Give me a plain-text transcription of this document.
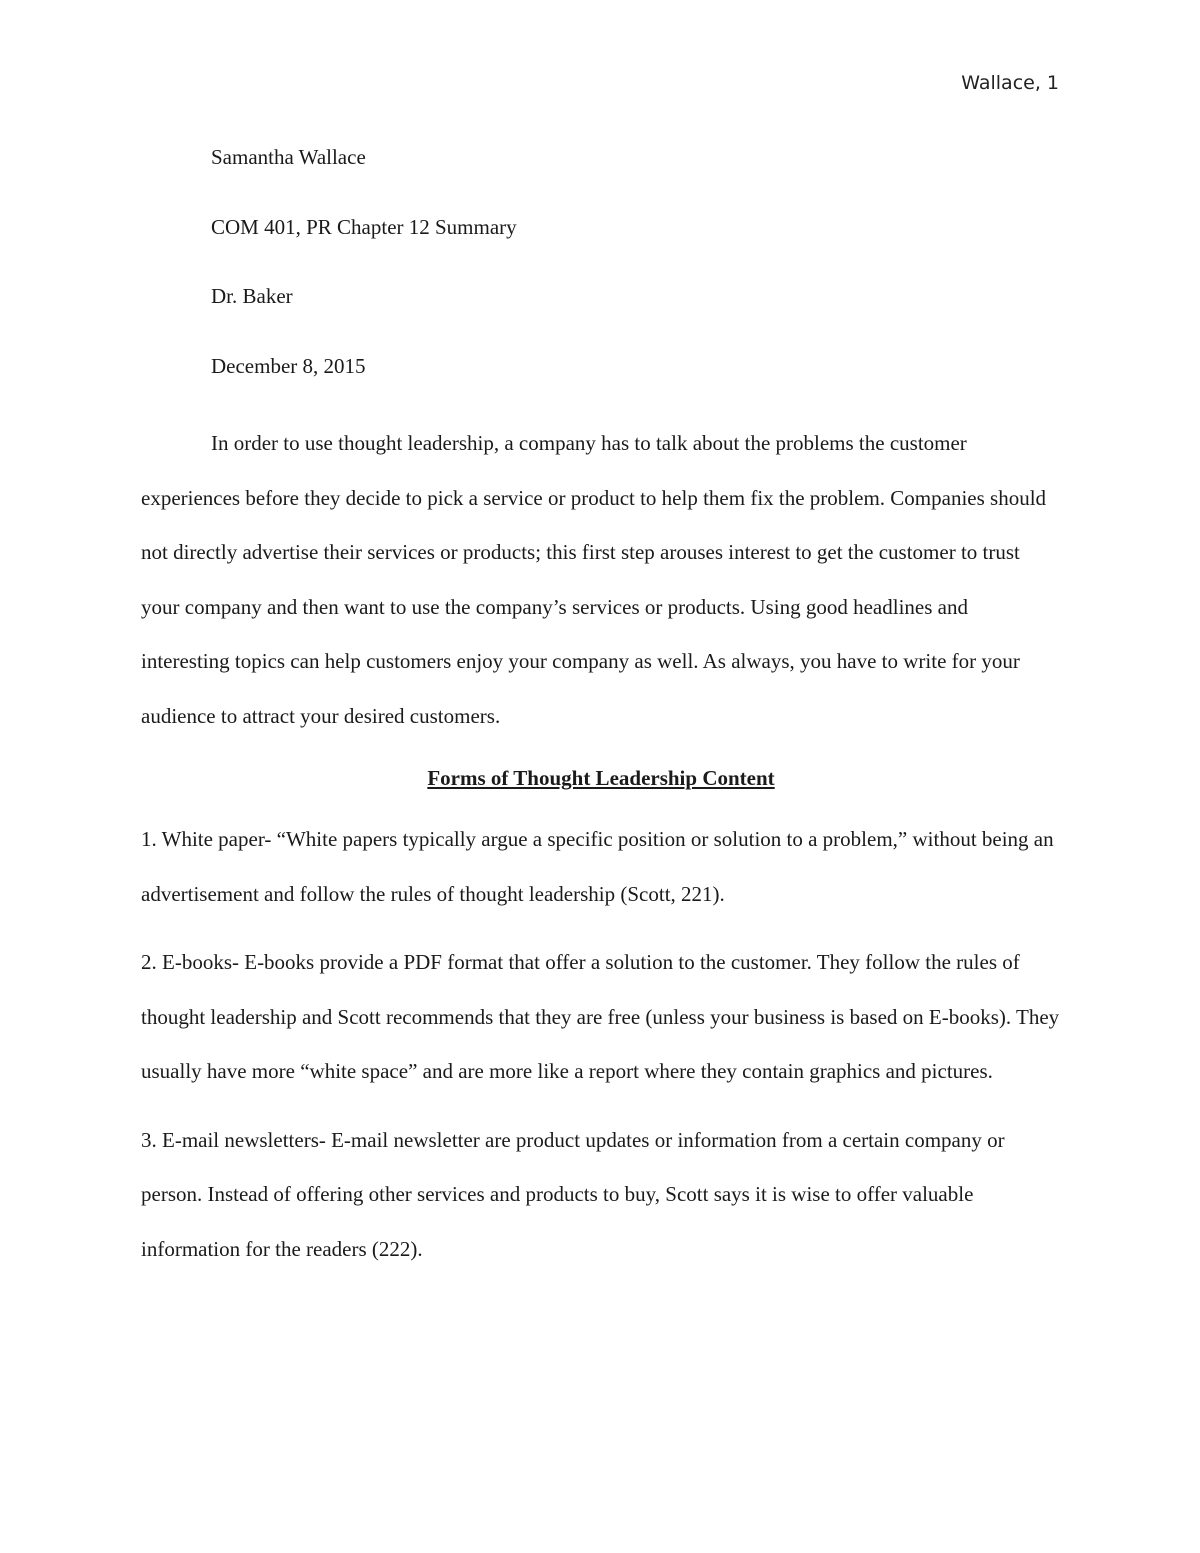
Wallace, 1

Samantha Wallace

COM 401, PR Chapter 12 Summary

Dr. Baker

December 8, 2015

In order to use thought leadership, a company has to talk about the problems the customer experiences before they decide to pick a service or product to help them fix the problem. Companies should not directly advertise their services or products; this first step arouses interest to get the customer to trust your company and then want to use the company’s services or products. Using good headlines and interesting topics can help customers enjoy your company as well. As always, you have to write for your audience to attract your desired customers.

Forms of Thought Leadership Content

1. White paper- “White papers typically argue a specific position or solution to a problem,” without being an advertisement and follow the rules of thought leadership (Scott, 221).

2. E-books- E-books provide a PDF format that offer a solution to the customer. They follow the rules of thought leadership and Scott recommends that they are free (unless your business is based on E-books). They usually have more “white space” and are more like a report where they contain graphics and pictures.

3. E-mail newsletters- E-mail newsletter are product updates or information from a certain company or person. Instead of offering other services and products to buy, Scott says it is wise to offer valuable information for the readers (222).
